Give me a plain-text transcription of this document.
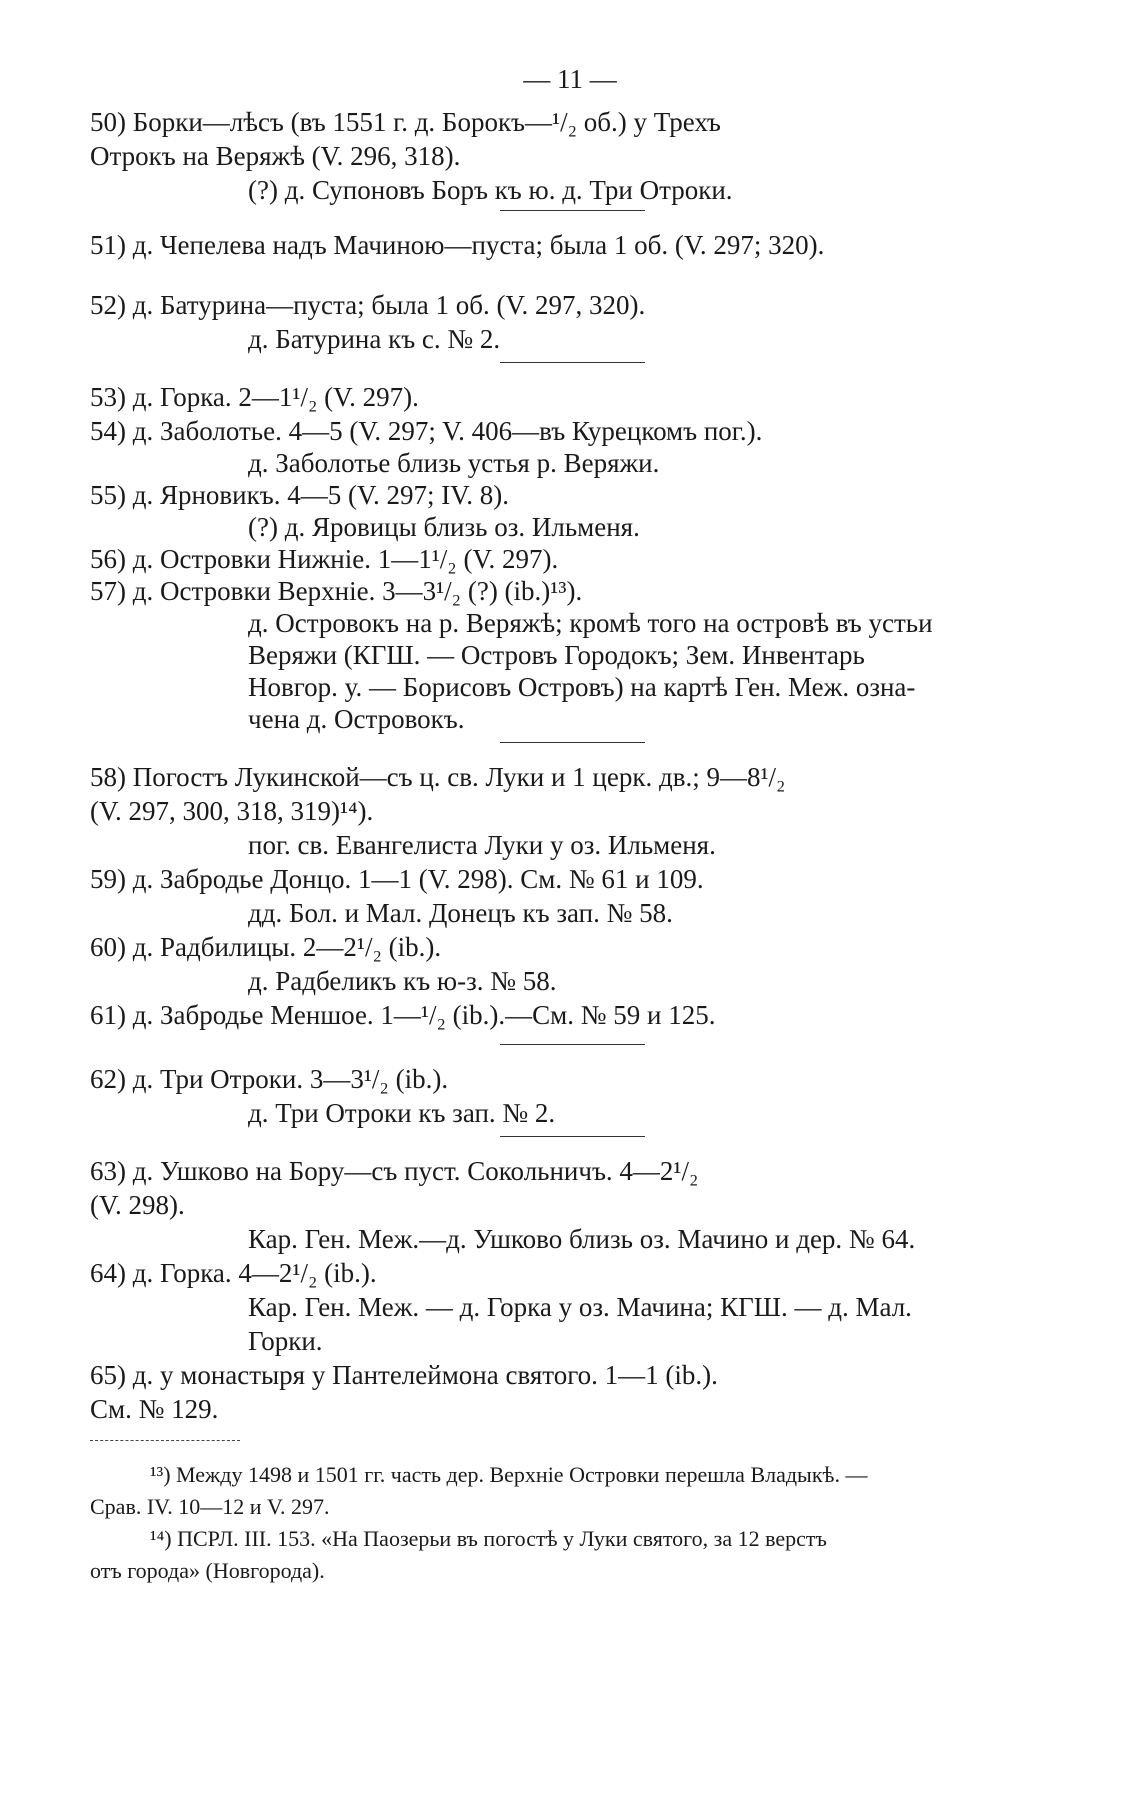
— 11 —
50) Борки—лѣсъ (въ 1551 г. д. Борокъ—¹/₂ об.) у Трехъ
Отрокъ на Веряжѣ (V. 296, 318).
(?) д. Супоновъ Боръ къ ю. д. Три Отроки.
51) д. Чепелева надъ Мачиною—пуста; была 1 об. (V. 297; 320).
52) д. Батурина—пуста; была 1 об. (V. 297, 320).
д. Батурина къ с. № 2.
53) д. Горка. 2—1¹/₂ (V. 297).
54) д. Заболотье. 4—5 (V. 297; V. 406—въ Курецкомъ пог.).
д. Заболотье близь устья р. Веряжи.
55) д. Ярновикъ. 4—5 (V. 297; IV. 8).
(?) д. Яровицы близь оз. Ильменя.
56) д. Островки Нижніе. 1—1¹/₂ (V. 297).
57) д. Островки Верхніе. 3—3¹/₂ (?) (ib.)¹³).
д. Островокъ на р. Веряжѣ; кромѣ того на островѣ въ устьи
Веряжи (КГШ. — Островъ Городокъ; Зем. Инвентарь
Новгор. у. — Борисовъ Островъ) на картѣ Ген. Меж. озна-
чена д. Островокъ.
58) Погостъ Лукинской—съ ц. св. Луки и 1 церк. дв.; 9—8¹/₂
(V. 297, 300, 318, 319)¹⁴).
пог. св. Евангелиста Луки у оз. Ильменя.
59) д. Забродье Донцо. 1—1 (V. 298). См. № 61 и 109.
дд. Бол. и Мал. Донецъ къ зап. № 58.
60) д. Радбилицы. 2—2¹/₂ (ib.).
д. Радбеликъ къ ю-з. № 58.
61) д. Забродье Меншое. 1—¹/₂ (ib.).—См. № 59 и 125.
62) д. Три Отроки. 3—3¹/₂ (ib.).
д. Три Отроки къ зап. № 2.
63) д. Ушково на Бору—съ пуст. Сокольничъ. 4—2¹/₂
(V. 298).
Кар. Ген. Меж.—д. Ушково близь оз. Мачино и дер. № 64.
64) д. Горка. 4—2¹/₂ (ib.).
Кар. Ген. Меж. — д. Горка у оз. Мачина; КГШ. — д. Мал.
Горки.
65) д. у монастыря у Пантелеймона святого. 1—1 (ib.).
См. № 129.
¹³) Между 1498 и 1501 гг. часть дер. Верхніе Островки перешла Владыкѣ. —
Срав. IV. 10—12 и V. 297.
¹⁴) ПСРЛ. III. 153. «На Паозерьи въ погостѣ у Луки святого, за 12 верстъ
отъ города» (Новгорода).
